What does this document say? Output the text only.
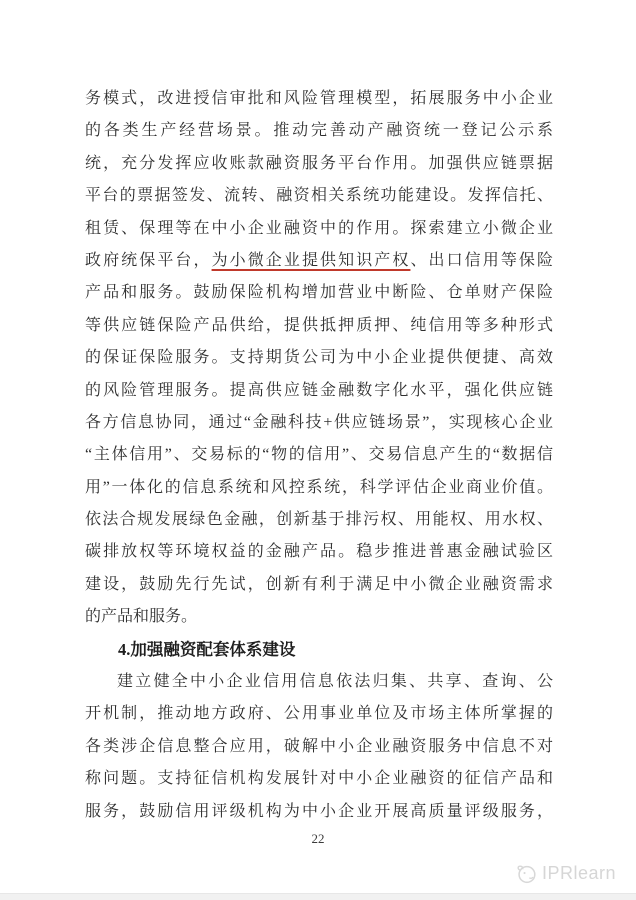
务模式，改进授信审批和风险管理模型，拓展服务中小企业
的各类生产经营场景。推动完善动产融资统一登记公示系
统，充分发挥应收账款融资服务平台作用。加强供应链票据
平台的票据签发、流转、融资相关系统功能建设。发挥信托、
租赁、保理等在中小企业融资中的作用。探索建立小微企业
政府统保平台，为小微企业提供知识产权、出口信用等保险
产品和服务。鼓励保险机构增加营业中断险、仓单财产保险
等供应链保险产品供给，提供抵押质押、纯信用等多种形式
的保证保险服务。支持期货公司为中小企业提供便捷、高效
的风险管理服务。提高供应链金融数字化水平，强化供应链
各方信息协同，通过“金融科技+供应链场景”，实现核心企业
“主体信用”、交易标的“物的信用”、交易信息产生的“数据信
用”一体化的信息系统和风控系统，科学评估企业商业价值。
依法合规发展绿色金融，创新基于排污权、用能权、用水权、
碳排放权等环境权益的金融产品。稳步推进普惠金融试验区
建设，鼓励先行先试，创新有利于满足中小微企业融资需求
的产品和服务。
4.加强融资配套体系建设
建立健全中小企业信用信息依法归集、共享、查询、公
开机制，推动地方政府、公用事业单位及市场主体所掌握的
各类涉企信息整合应用，破解中小企业融资服务中信息不对
称问题。支持征信机构发展针对中小企业融资的征信产品和
服务，鼓励信用评级机构为中小企业开展高质量评级服务，
22
IPRlearn
